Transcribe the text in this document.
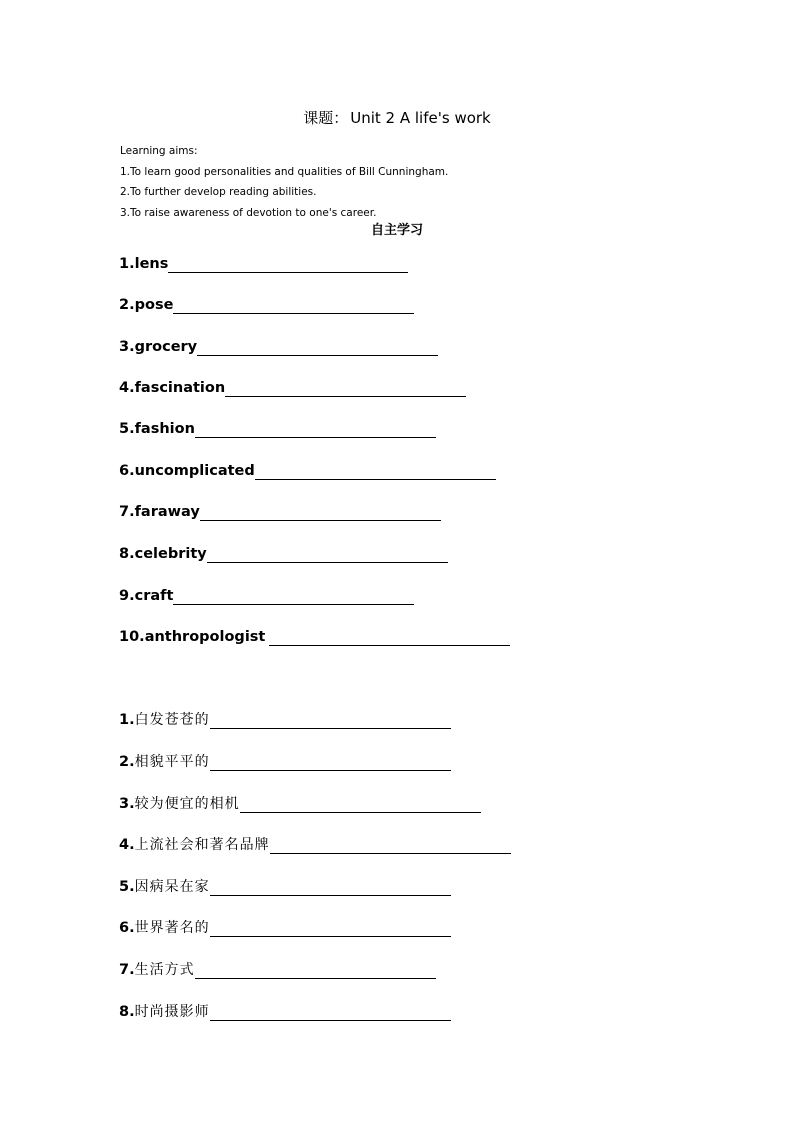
课题： Unit 2 A life's work
Learning aims:
1.To learn good personalities and qualities of Bill Cunningham.
2.To further develop reading abilities.
3.To raise awareness of devotion to one's career.
自主学习
1. lens
2. pose
3. grocery
4. fascination
5. fashion
6. uncomplicated
7. faraway
8. celebrity
9. craft
10. anthropologist
1. 白发苍苍的
2. 相貌平平的
3. 较为便宜的相机
4. 上流社会和著名品牌
5. 因病呆在家
6. 世界著名的
7. 生活方式
8. 时尚摄影师
